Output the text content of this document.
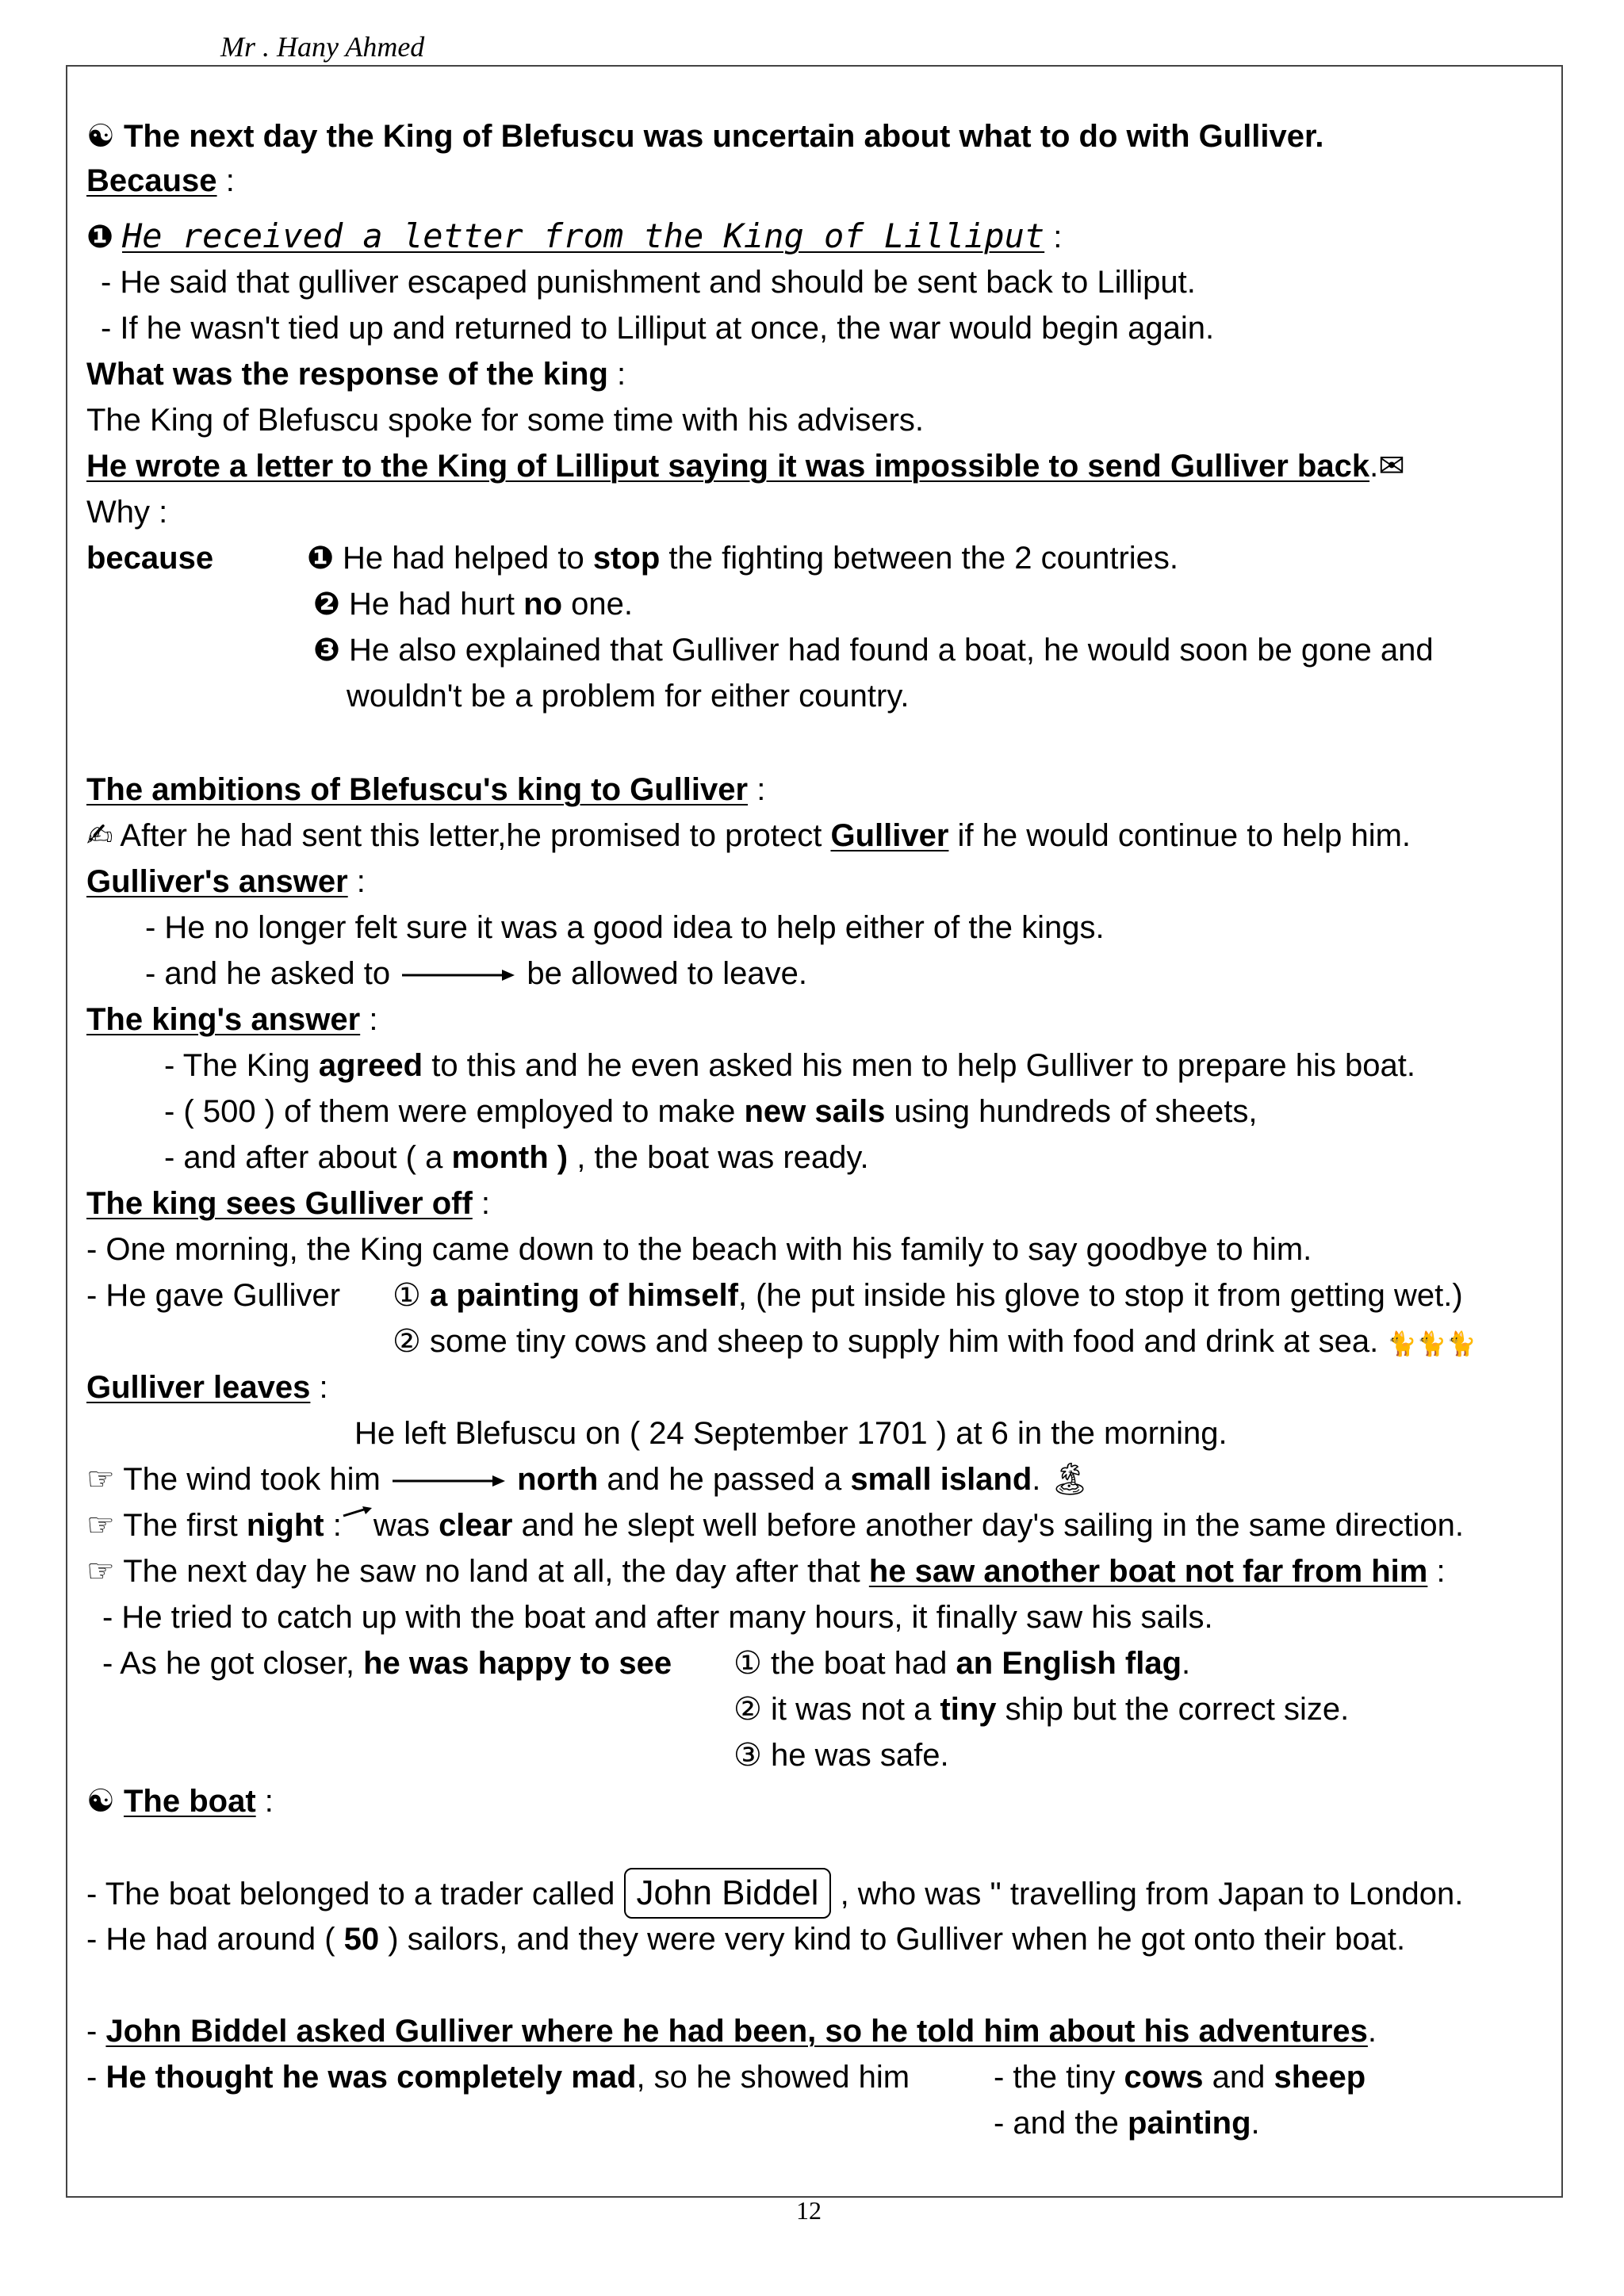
Mr . Hany Ahmed
☯ The next day the King of Blefuscu was uncertain about what to do with Gulliver.
Because :
❶ He received a letter from the King of Lilliput :
- He said that gulliver escaped punishment and should be sent back to Lilliput.
- If he wasn't tied up and returned to Lilliput at once, the war would begin again.
What was the response of the king :
The King of Blefuscu spoke for some time with his advisers.
He wrote a letter to the King of Lilliput saying it was impossible to send Gulliver back.✉
Why :
because	❶ He had helped to stop the fighting between the 2 countries.
❷ He had hurt no one.
❸ He also explained that Gulliver had found a boat, he would soon be gone and
wouldn't be a problem for either country.
The ambitions of Blefuscu's king to Gulliver :
✍ After he had sent this letter,he promised to protect Gulliver if he would continue to help him.
Gulliver's answer :
- He no longer felt sure it was a good idea to help either of the kings.
- and he asked to	be allowed to leave.
The king's answer :
- The King agreed to this and he even asked his men to help Gulliver to prepare his boat.
- ( 500 ) of them were employed to make new sails using hundreds of sheets,
- and after about ( a month ) , the boat was ready.
The king sees Gulliver off :
- One morning, the King came down to the beach with his family to say goodbye to him.
- He gave Gulliver ① a painting of himself, (he put inside his glove to stop it from getting wet.)
② some tiny cows and sheep to supply him with food and drink at sea. 🐈🐈🐈
Gulliver leaves :
He left Blefuscu on ( 24 September 1701 ) at 6 in the morning.
☞ The wind took him	north and he passed a small island. 🏝
☞ The first night : was clear and he slept well before another day's sailing in the same direction.
☞ The next day he saw no land at all, the day after that he saw another boat not far from him :
- He tried to catch up with the boat and after many hours, it finally saw his sails.
- As he got closer, he was happy to see ① the boat had an English flag.
② it was not a tiny ship but the correct size.
③ he was safe.
☯ The boat :
- The boat belonged to a trader called John Biddel , who was " travelling from Japan to London.
- He had around ( 50 ) sailors, and they were very kind to Gulliver when he got onto their boat.
- John Biddel asked Gulliver where he had been, so he told him about his adventures.
- He thought he was completely mad, so he showed him	- the tiny cows and sheep
- and the painting.
12
